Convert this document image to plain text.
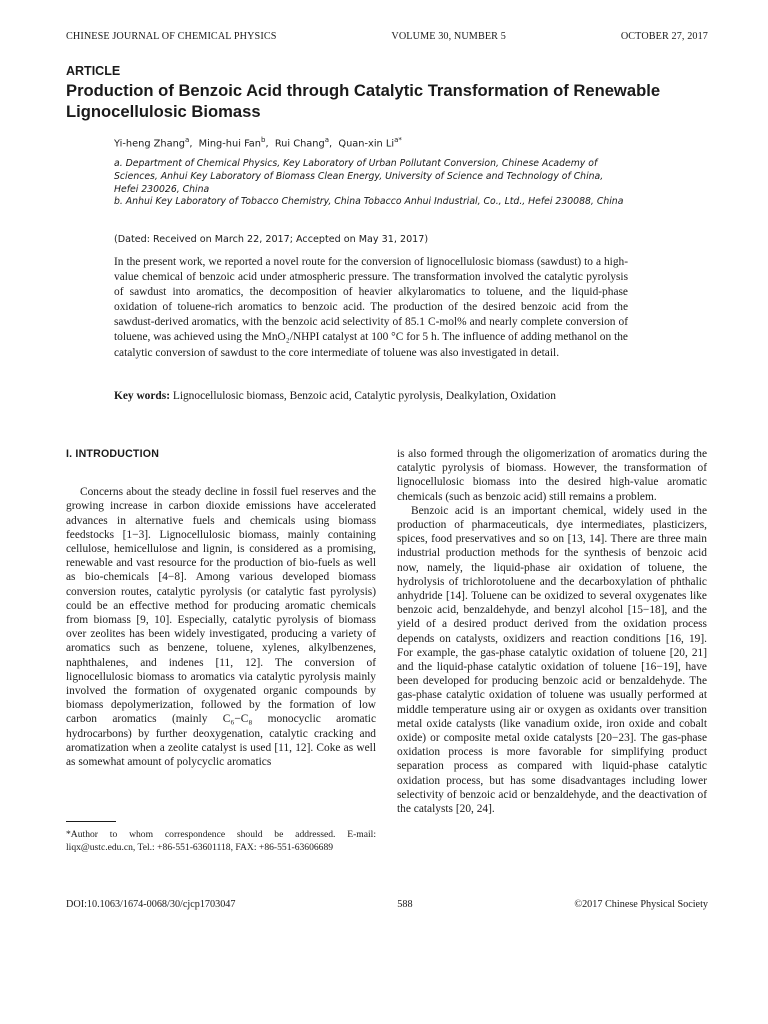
CHINESE JOURNAL OF CHEMICAL PHYSICS	VOLUME 30, NUMBER 5	OCTOBER 27, 2017
ARTICLE
Production of Benzoic Acid through Catalytic Transformation of Renewable Lignocellulosic Biomass
Yi-heng Zhang$^a$,  Ming-hui Fan$^b$,  Rui Chang$^a$,  Quan-xin $Li^{a*}$

a. Department of Chemical Physics, Key Laboratory of Urban Pollutant Conversion, Chinese Academy of Sciences, Anhui Key Laboratory of Biomass Clean Energy, University of Science and Technology of China, Hefei 230026, China

b. Anhui Key Laboratory of Tobacco Chemistry, China Tobacco Anhui Industrial, Co., Ltd., Hefei 230088, China

(Dated: Received on March 22, 2017; Accepted on May 31, 2017)

In the present work, we reported a novel route for the conversion of lignocellulosic biomass (sawdust) to a high-value chemical of benzoic acid under atmospheric pressure. The transformation involved the catalytic pyrolysis of sawdust into aromatics, the decomposition of heavier alkylaromatics to toluene, and the liquid-phase oxidation of toluene-rich aromatics to benzoic acid. The production of the desired benzoic acid from the sawdust-derived aromatics, with the benzoic acid selectivity of 85.1 C-mol% and nearly complete conversion of toluene, was achieved using the MnO₂/NHPI catalyst at 100 °C for 5 h. The influence of adding methanol on the catalytic conversion of sawdust to the core intermediate of toluene was also investigated in detail.

Key words: Lignocellulosic biomass, Benzoic acid, Catalytic pyrolysis, Dealkylation, Oxidation

I. INTRODUCTION

Concerns about the steady decline in fossil fuel reserves and the growing increase in carbon dioxide emissions have accelerated advances in alternative fuels and chemicals using biomass feedstocks [1−3]. Lignocellulosic biomass, mainly containing cellulose, hemicellulose and lignin, is considered as a promising, renewable and vast resource for the production of bio-fuels as well as bio-chemicals [4−8]. Among various developed biomass conversion routes, catalytic pyrolysis (or catalytic fast pyrolysis) could be an effective method for producing aromatic chemicals from biomass [9, 10]. Especially, catalytic pyrolysis of biomass over zeolites has been widely investigated, producing a variety of aromatics such as benzene, toluene, xylenes, alkylbenzenes, naphthalenes, and indenes [11, 12]. The conversion of lignocellulosic biomass to aromatics via catalytic pyrolysis mainly involved the formation of oxygenated organic compounds by biomass depolymerization, followed by the formation of low carbon aromatics (mainly C₆−C₈ monocyclic aromatic hydrocarbons) by further deoxygenation, catalytic cracking and aromatization when a zeolite catalyst is used [11, 12]. Coke as well as somewhat amount of polycyclic aromatics

is also formed through the oligomerization of aromatics during the catalytic pyrolysis of biomass. However, the transformation of lignocellulosic biomass into the desired high-value aromatic chemicals (such as benzoic acid) still remains a problem.

Benzoic acid is an important chemical, widely used in the production of pharmaceuticals, dye intermediates, plasticizers, spices, food preservatives and so on [13, 14]. There are three main industrial production methods for the synthesis of benzoic acid now, namely, the liquid-phase air oxidation of toluene, the hydrolysis of trichlorotoluene and the decarboxylation of phthalic anhydride [14]. Toluene can be oxidized to several oxygenates like benzoic acid, benzaldehyde, and benzyl alcohol [15−18], and the yield of a desired product derived from the oxidation process depends on catalysts, oxidizers and reaction conditions [16, 19]. For example, the gas-phase catalytic oxidation of toluene [20, 21] and the liquid-phase catalytic oxidation of toluene [16−19], have been developed for producing benzoic acid or benzaldehyde. The gas-phase catalytic oxidation of toluene was usually performed at middle temperature using air or oxygen as oxidants over transition metal oxide catalysts (like vanadium oxide, iron oxide and cobalt oxide) or composite metal oxide catalysts [20−23]. The gas-phase oxidation process is more favorable for simplifying product separation process as compared with liquid-phase catalytic oxidation process, but has some disadvantages including lower selectivity of benzoic acid or benzaldehyde, and the deactivation of the catalysts [20, 24].

*Author to whom correspondence should be addressed. E-mail: liqx@ustc.edu.cn, Tel.: +86-551-63601118, FAX: +86-551-63606689

DOI:10.1063/1674-0068/30/cjcp1703047	588	©2017 Chinese Physical Society
